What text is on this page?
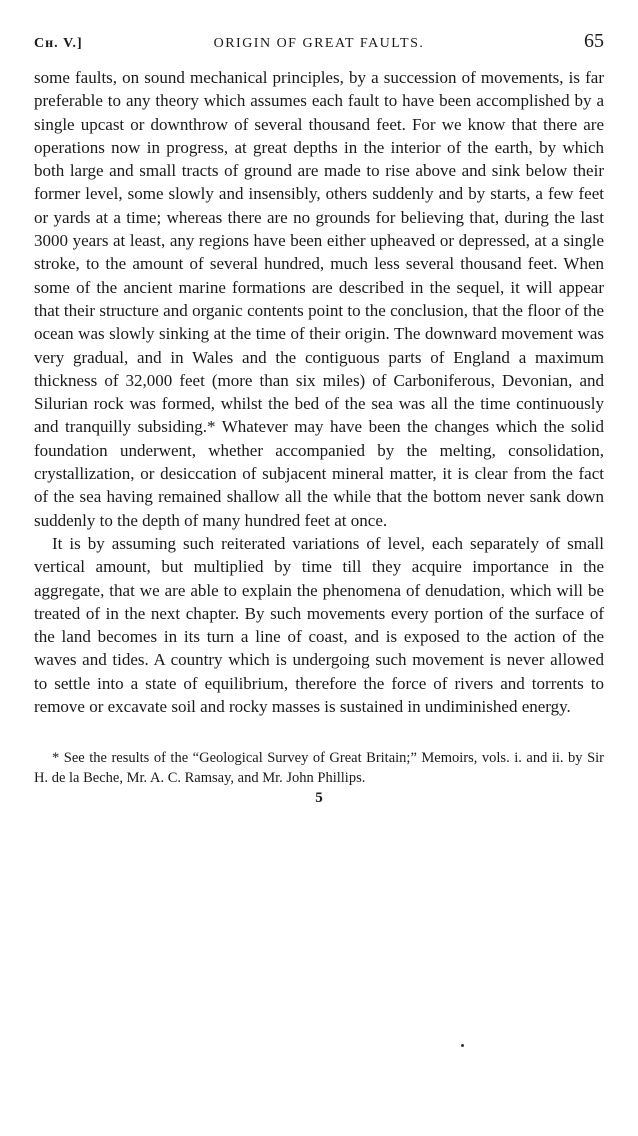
Cн. V.]	ORIGIN OF GREAT FAULTS.	65

some faults, on sound mechanical principles, by a succession of movements, is far preferable to any theory which assumes each fault to have been accomplished by a single upcast or downthrow of several thousand feet. For we know that there are operations now in progress, at great depths in the interior of the earth, by which both large and small tracts of ground are made to rise above and sink below their former level, some slowly and insensibly, others suddenly and by starts, a few feet or yards at a time; whereas there are no grounds for believing that, during the last 3000 years at least, any regions have been either upheaved or depressed, at a single stroke, to the amount of several hundred, much less several thousand feet. When some of the ancient marine formations are described in the sequel, it will appear that their structure and organic contents point to the conclusion, that the floor of the ocean was slowly sinking at the time of their origin. The downward movement was very gradual, and in Wales and the contiguous parts of England a maximum thickness of 32,000 feet (more than six miles) of Carboniferous, Devonian, and Silurian rock was formed, whilst the bed of the sea was all the time continuously and tranquilly subsiding.* Whatever may have been the changes which the solid foundation underwent, whether accompanied by the melting, consolidation, crystallization, or desiccation of subjacent mineral matter, it is clear from the fact of the sea having remained shallow all the while that the bottom never sank down suddenly to the depth of many hundred feet at once.

It is by assuming such reiterated variations of level, each separately of small vertical amount, but multiplied by time till they acquire importance in the aggregate, that we are able to explain the phenomena of denudation, which will be treated of in the next chapter. By such movements every portion of the surface of the land becomes in its turn a line of coast, and is exposed to the action of the waves and tides. A country which is undergoing such movement is never allowed to settle into a state of equilibrium, therefore the force of rivers and torrents to remove or excavate soil and rocky masses is sustained in undiminished energy.

* See the results of the “Geological Survey of Great Britain;” Memoirs, vols. i. and ii. by Sir H. de la Beche, Mr. A. C. Ramsay, and Mr. John Phillips.
5
